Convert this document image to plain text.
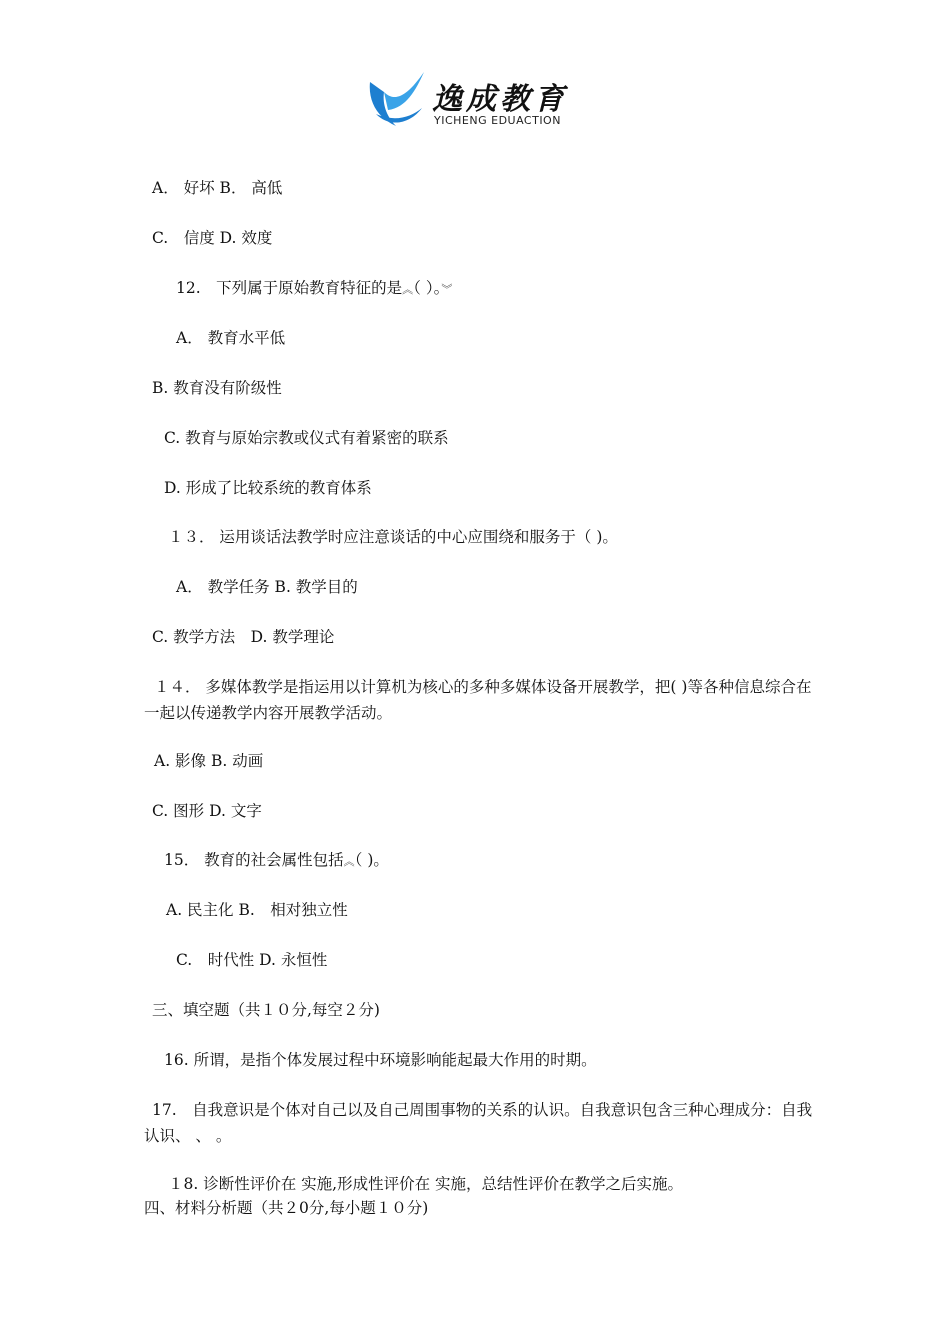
逸成教育
YICHENG EDUACTION
A． 好坏 B． 高低
C.　信度 D. 效度
12.　下列属于原始教育特征的是︽（ ）。︾
A． 教育水平低
B. 教育没有阶级性
C. 教育与原始宗教或仪式有着紧密的联系
D. 形成了比较系统的教育体系
１３． 运用谈话法教学时应注意谈话的中心应围绕和服务于（ )。
A． 教学任务 B. 教学目的
C. 教学方法　D. 教学理论
１４． 多媒体教学是指运用以计算机为核心的多种多媒体设备开展教学，把( )等各种信息综合在一起以传递教学内容开展教学活动。
A. 影像 B. 动画
C. 图形 D. 文字
15． 教育的社会属性包括︽（ )。
A. 民主化 B.　相对独立性
C.　时代性 D. 永恒性
三、填空题（共１０分,每空２分)
16. 所谓，是指个体发展过程中环境影响能起最大作用的时期。
17.　自我意识是个体对自己以及自己周围事物的关系的认识。自我意识包含三种心理成分：自我认识、 、 。
１8. 诊断性评价在 实施,形成性评价在 实施，总结性评价在教学之后实施。
四、材料分析题（共２0分,每小题１０分)
